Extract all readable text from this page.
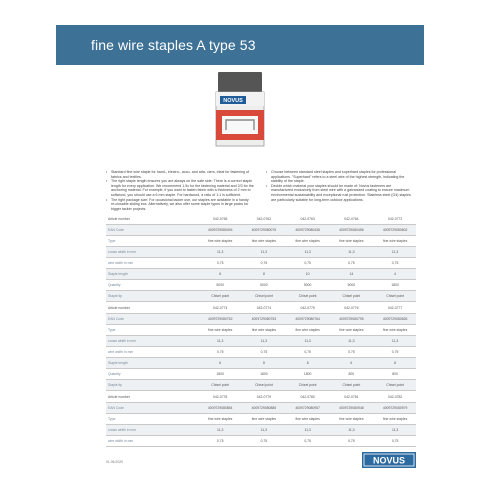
fine wire staples A type 53
NOVUS

• Standard fine wire staple for hand-, electro-, accu- and arta- ciers, ideal for fastening of fabrics and textiles.

• The right staple length ensures you are always on the safe side: There is a correct staple length for every application. We recommend 1.5x for the fastening material and 2/3 for the anchoring material. For example, if you want to fasten fabric with a thickness of 2 mm to softwood, you should use a 6 mm staple. For hardwood, a ratio of 1:1 is sufficient.

• The right package size: For occasional tacker use, our staples are available in a handy re-closable sliding box. Alternatively, we also offer some staple types in large packs for bigger tacker projects.

• Choose between standard steel staples and superhard staples for professional applications. "Superhard" refers to a steel wire of the highest strength, indicating the stability of the staple.

• Decide which material your staples should be made of: Novus fasteners are manufactured exclusively from steel wire with a galvanized coating to ensure maximum environmental sustainability and exceptional rust protection. Stainless steel (G4) staples are particularly suitable for long-term outdoor applications.

Article number	042-0765	042-0762	042-0763	042-0764	042-0772
EAN Code	4009729080494	4009729080075	4009729080435	4009729080456	4009729080602
Type	fine wire staples	fine wire staples	fine wire staples	fine wire staples	fine wire staples
crown width in mm	11,3	11,3	11,3	11,3	11,3
wire width in mm	0,75	0,75	0,75	0,75	0,75
Staple length	6	8	10	14	4
Quantity	5000	5000	5000	5000	1800
Staple tip	Chisel point	Chisel point	Chisel point	Chisel point	Chisel point
Article number	042-0774	042-0774	042-0775	042-0776	042-0777
EAN Code	4009729080752	4009729080753	4009729080764	4009729080795	4009729080826
Type	fine wire staples	fine wire staples	fine wire staples	fine wire staples	fine wire staples
crown width in mm	11,3	11,3	11,3	11,3	11,3
wire width in mm	0,75	0,75	0,75	0,75	0,75
Staple length	6	8	8	6	8
Quantity	1800	1800	1800	800	800
Staple tip	Chisel point	Chisel point	Chisel point	Chisel point	Chisel point
Article number	042-0778	042-0779	042-0780	042-0781	042-0782
EAN Code	4009729080854	4009729080885	4009729080957	4009729080948	4009729080979
Type	fine wire staples	fine wire staples	fine wire staples	fine wire staples	fine wire staples
crown width in mm	11,3	11,3	11,3	11,3	11,3
wire width in mm	0,75	0,75	0,75	0,75	0,75
01.06.2020	NOVUS
